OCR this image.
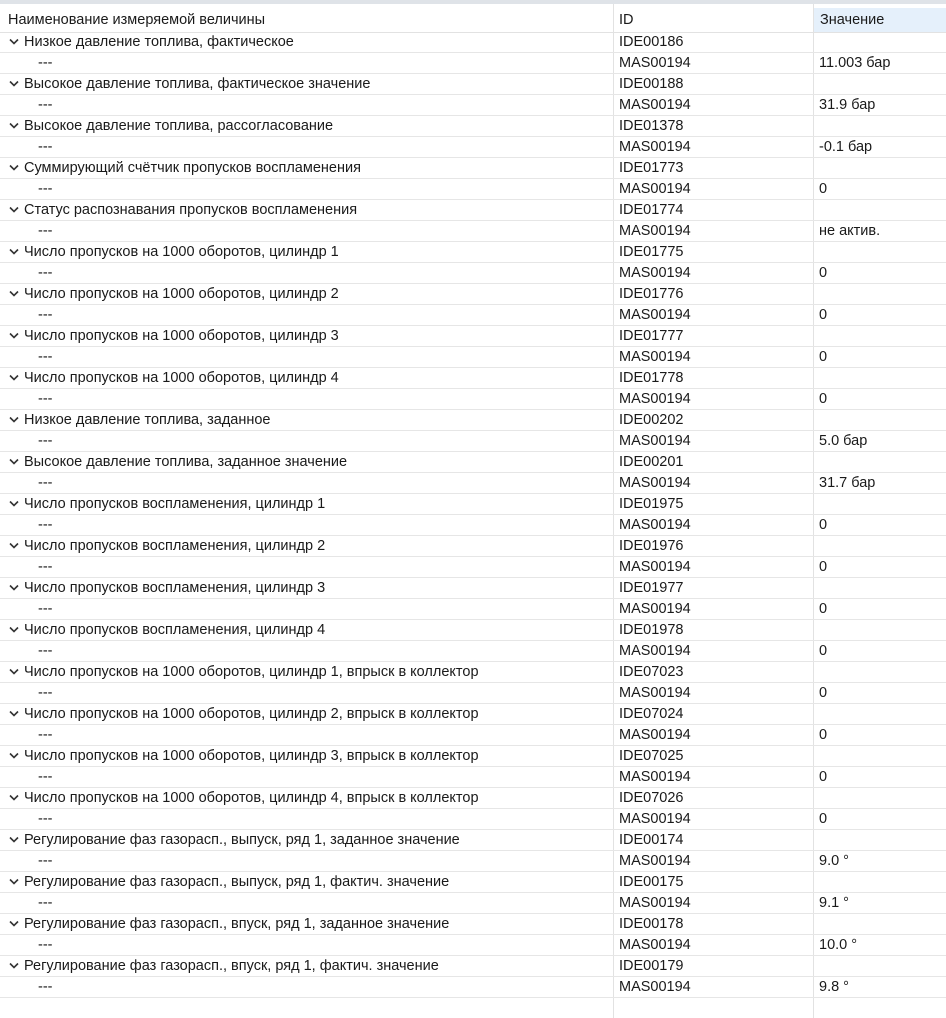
Наименование измеряемой величины	ID	Значение
Низкое давление топлива, фактическое	IDE00186
---	MAS00194	11.003 бар
Высокое давление топлива, фактическое значение	IDE00188
---	MAS00194	31.9 бар
Высокое давление топлива, рассогласование	IDE01378
---	MAS00194	-0.1 бар
Суммирующий счётчик пропусков воспламенения	IDE01773
---	MAS00194	0
Статус распознавания пропусков воспламенения	IDE01774
---	MAS00194	не актив.
Число пропусков на 1000 оборотов, цилиндр 1	IDE01775
---	MAS00194	0
Число пропусков на 1000 оборотов, цилиндр 2	IDE01776
---	MAS00194	0
Число пропусков на 1000 оборотов, цилиндр 3	IDE01777
---	MAS00194	0
Число пропусков на 1000 оборотов, цилиндр 4	IDE01778
---	MAS00194	0
Низкое давление топлива, заданное	IDE00202
---	MAS00194	5.0 бар
Высокое давление топлива, заданное значение	IDE00201
---	MAS00194	31.7 бар
Число пропусков воспламенения, цилиндр 1	IDE01975
---	MAS00194	0
Число пропусков воспламенения, цилиндр 2	IDE01976
---	MAS00194	0
Число пропусков воспламенения, цилиндр 3	IDE01977
---	MAS00194	0
Число пропусков воспламенения, цилиндр 4	IDE01978
---	MAS00194	0
Число пропусков на 1000 оборотов, цилиндр 1, впрыск в коллектор	IDE07023
---	MAS00194	0
Число пропусков на 1000 оборотов, цилиндр 2, впрыск в коллектор	IDE07024
---	MAS00194	0
Число пропусков на 1000 оборотов, цилиндр 3, впрыск в коллектор	IDE07025
---	MAS00194	0
Число пропусков на 1000 оборотов, цилиндр 4, впрыск в коллектор	IDE07026
---	MAS00194	0
Регулирование фаз газорасп., выпуск, ряд 1, заданное значение	IDE00174
---	MAS00194	9.0 °
Регулирование фаз газорасп., выпуск, ряд 1, фактич. значение	IDE00175
---	MAS00194	9.1 °
Регулирование фаз газорасп., впуск, ряд 1, заданное значение	IDE00178
---	MAS00194	10.0 °
Регулирование фаз газорасп., впуск, ряд 1, фактич. значение	IDE00179
---	MAS00194	9.8 °
